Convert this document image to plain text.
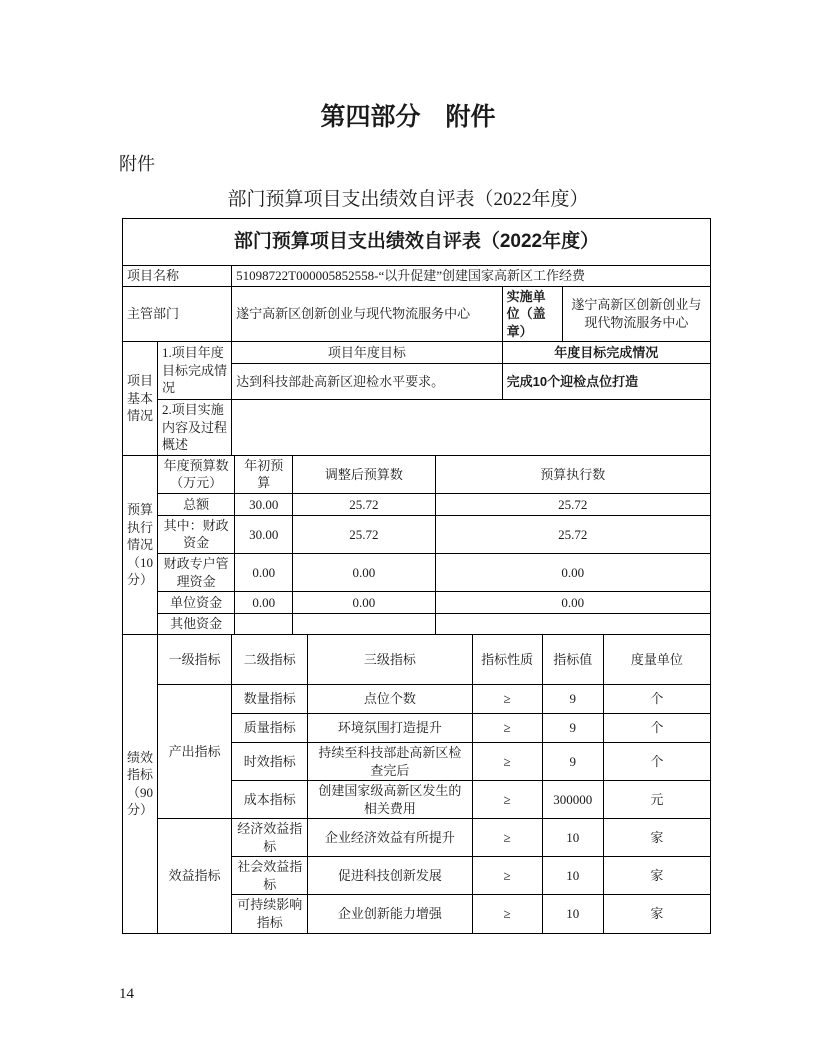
第四部分　附件
附件
部门预算项目支出绩效自评表（2022年度）
部门预算项目支出绩效自评表（2022年度）
项目名称	51098722T000005852558-“以升促建”创建国家高新区工作经费		
主管部门	遂宁高新区创新创业与现代物流服务中心	实施单位（盖章）	遂宁高新区创新创业与现代物流服务中心
项目基本情况	1.项目年度目标完成情况	项目年度目标	年度目标完成情况
		达到科技部赴高新区迎检水平要求。	完成10个迎检点位打造
	2.项目实施内容及过程概述		
预算执行情况（10分）	年度预算数（万元）	年初预算	调整后预算数	预算执行数
	总额	30.00	25.72	25.72
	其中：财政资金	30.00	25.72	25.72
	财政专户管理资金	0.00	0.00	0.00
	单位资金	0.00	0.00	0.00
	其他资金			
绩效指标（90分）	一级指标	二级指标	三级指标	指标性质	指标值	度量单位
	产出指标	数量指标	点位个数	≥	9	个
		质量指标	环境氛围打造提升	≥	9	个
		时效指标	持续至科技部赴高新区检查完后	≥	9	个
		成本指标	创建国家级高新区发生的相关费用	≥	300000	元
	效益指标	经济效益指标	企业经济效益有所提升	≥	10	家
		社会效益指标	促进科技创新发展	≥	10	家
		可持续影响指标	企业创新能力增强	≥	10	家
14
